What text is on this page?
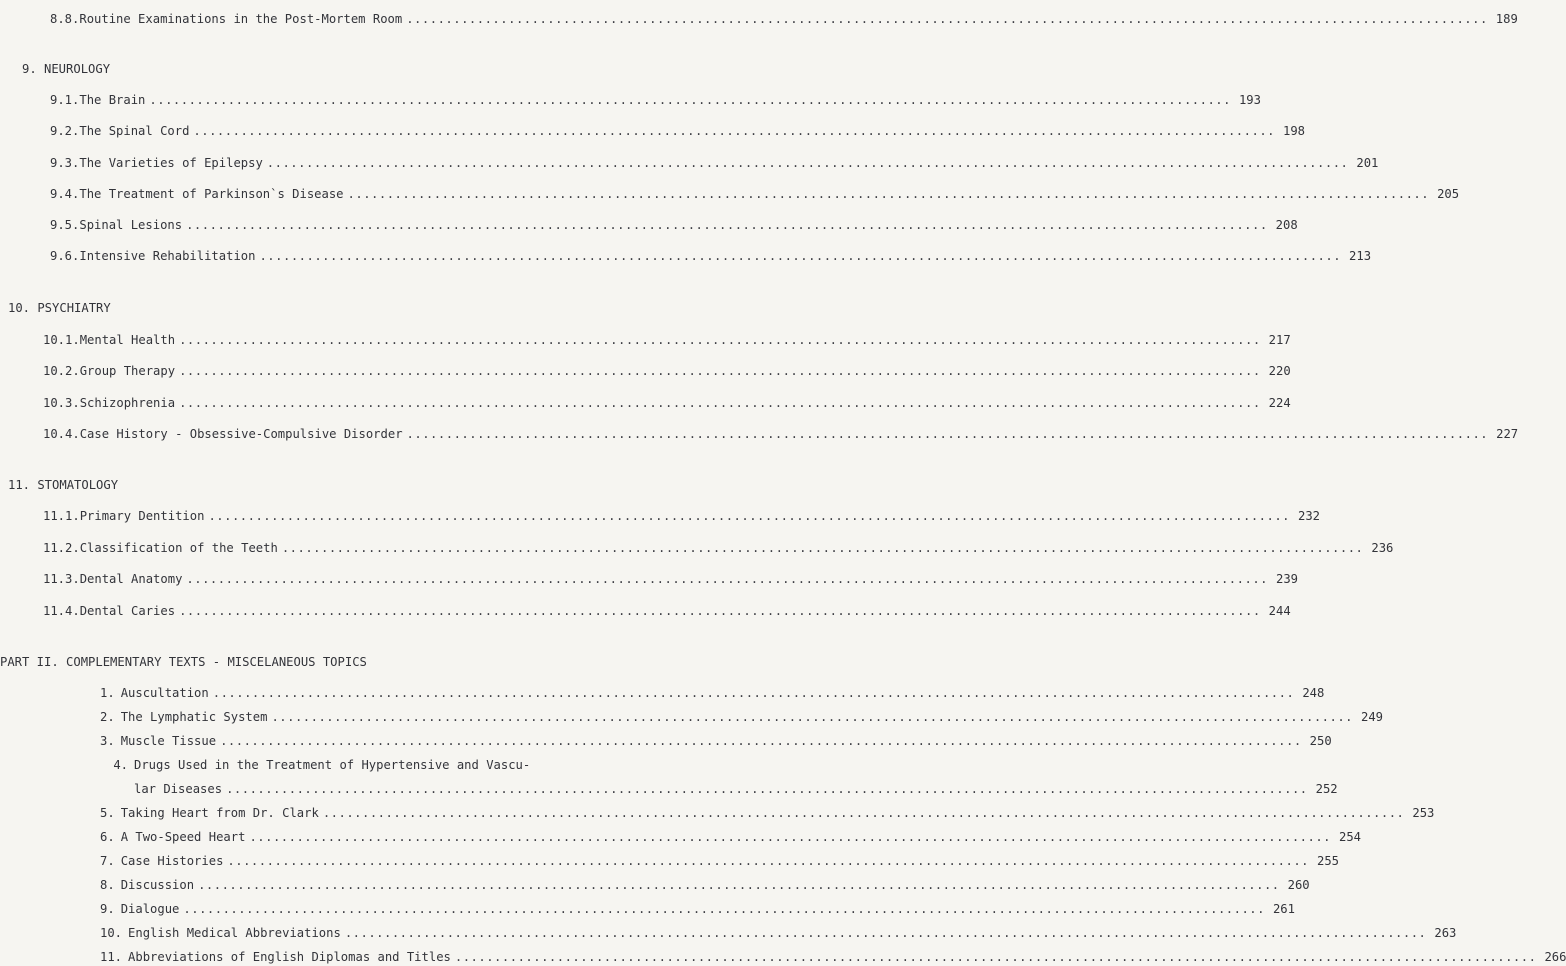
8.8. Routine Examinations in the Post-Mortem Room .......................................................................................................................................... 189
9. NEUROLOGY
9.1. The Brain .......................................................................................................................................... 193
9.2. The Spinal Cord .......................................................................................................................................... 198
9.3. The Varieties of Epilepsy .......................................................................................................................................... 201
9.4. The Treatment of Parkinson`s Disease .......................................................................................................................................... 205
9.5. Spinal Lesions .......................................................................................................................................... 208
9.6. Intensive Rehabilitation .......................................................................................................................................... 213
10. PSYCHIATRY
10.1. Mental Health .......................................................................................................................................... 217
10.2. Group Therapy .......................................................................................................................................... 220
10.3. Schizophrenia .......................................................................................................................................... 224
10.4. Case History - Obsessive-Compulsive Disorder .......................................................................................................................................... 227
11. STOMATOLOGY
11.1. Primary Dentition .......................................................................................................................................... 232
11.2. Classification of the Teeth .......................................................................................................................................... 236
11.3. Dental Anatomy .......................................................................................................................................... 239
11.4. Dental Caries .......................................................................................................................................... 244
PART II. COMPLEMENTARY TEXTS - MISCELANEOUS TOPICS
1. Auscultation .......................................................................................................................................... 248
2. The Lymphatic System .......................................................................................................................................... 249
3. Muscle Tissue .......................................................................................................................................... 250
4. Drugs Used in the Treatment of Hypertensive and Vascu-
lar Diseases .......................................................................................................................................... 252
5. Taking Heart from Dr. Clark .......................................................................................................................................... 253
6. A Two-Speed Heart .......................................................................................................................................... 254
7. Case Histories .......................................................................................................................................... 255
8. Discussion .......................................................................................................................................... 260
9. Dialogue .......................................................................................................................................... 261
10. English Medical Abbreviations .......................................................................................................................................... 263
11. Abbreviations of English Diplomas and Titles .......................................................................................................................................... 266
